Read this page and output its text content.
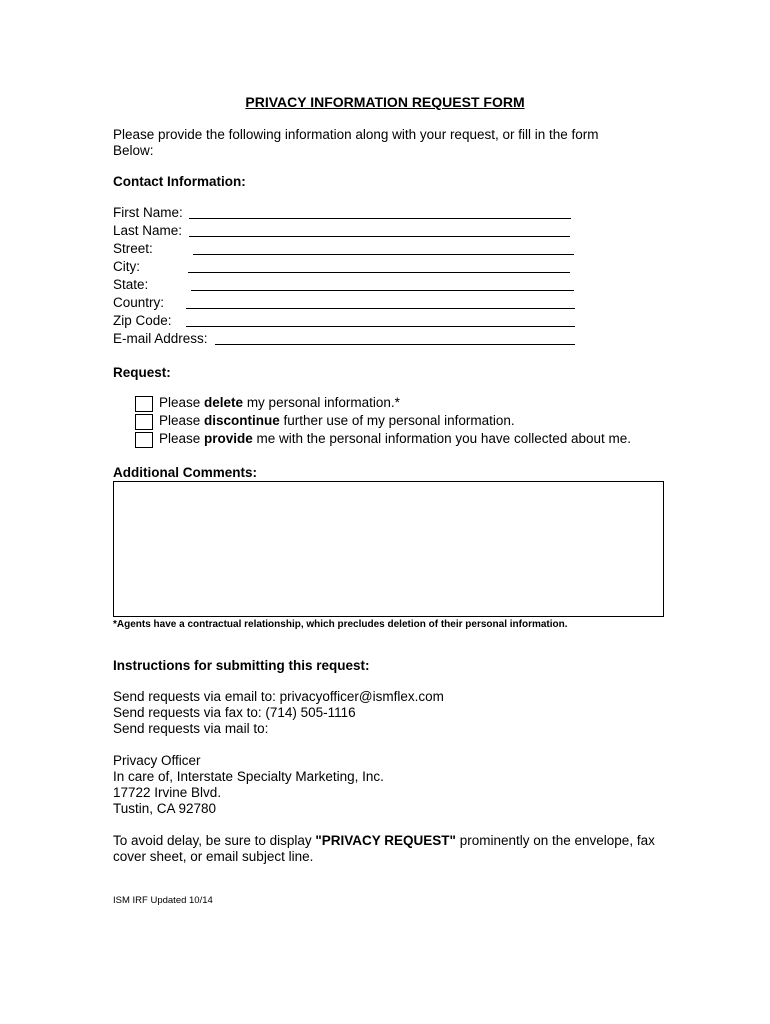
PRIVACY INFORMATION REQUEST FORM
Please provide the following information along with your request, or fill in the form
Below:
Contact Information:
First Name:
Last Name:
Street:
City:
State:
Country:
Zip Code:
E-mail Address:
Request:
Please delete my personal information.*
Please discontinue further use of my personal information.
Please provide me with the personal information you have collected about me.
Additional Comments:
*Agents have a contractual relationship, which precludes deletion of their personal information.
Instructions for submitting this request:
Send requests via email to: privacyofficer@ismflex.com
Send requests via fax to: (714) 505-1116
Send requests via mail to:
Privacy Officer
In care of, Interstate Specialty Marketing, Inc.
17722 Irvine Blvd.
Tustin, CA 92780
To avoid delay, be sure to display "PRIVACY REQUEST" prominently on the envelope, fax
cover sheet, or email subject line.
ISM IRF Updated 10/14
